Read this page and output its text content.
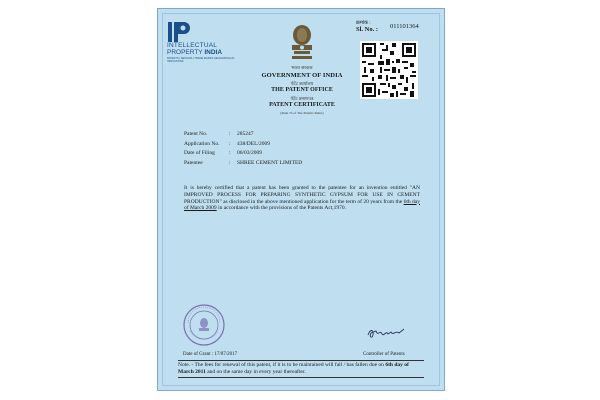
INTELLECTUAL
PROPERTY INDIA
PATENTS | DESIGNS | TRADE MARKS GEOGRAPHICAL INDICATIONS
भारत सरकार
GOVERNMENT OF INDIA
पेटेंट कार्यालय
THE PATENT OFFICE
पेटेंट प्रमाणपत्र
PATENT CERTIFICATE
(Rule 74 of The Patents Rules)
क्रमांक :
Sl. No. : 011101364
Patent No.	:	285247
Application No.	:	438/DEL/2009
Date of Filing	:	06/03/2009
Patentee	:	SHREE CEMENT LIMITED
It is hereby certified that a patent has been granted to the patentee for an invention entitled "AN IMPROVED PROCESS FOR PREPARING SYNTHETIC GYPSUM FOR USE IN CEMENT PRODUCTION" as disclosed in the above mentioned application for the term of 20 years from the 6th day of March 2009 in accordance with the provisions of the Patents Act,1970.
Date of Grant : 17/07/2017	Controller of Patents
Note. - The fees for renewal of this patent, if it is to be maintained will fall / has fallen due on 6th day of March 2011 and on the same day in every year thereafter.
